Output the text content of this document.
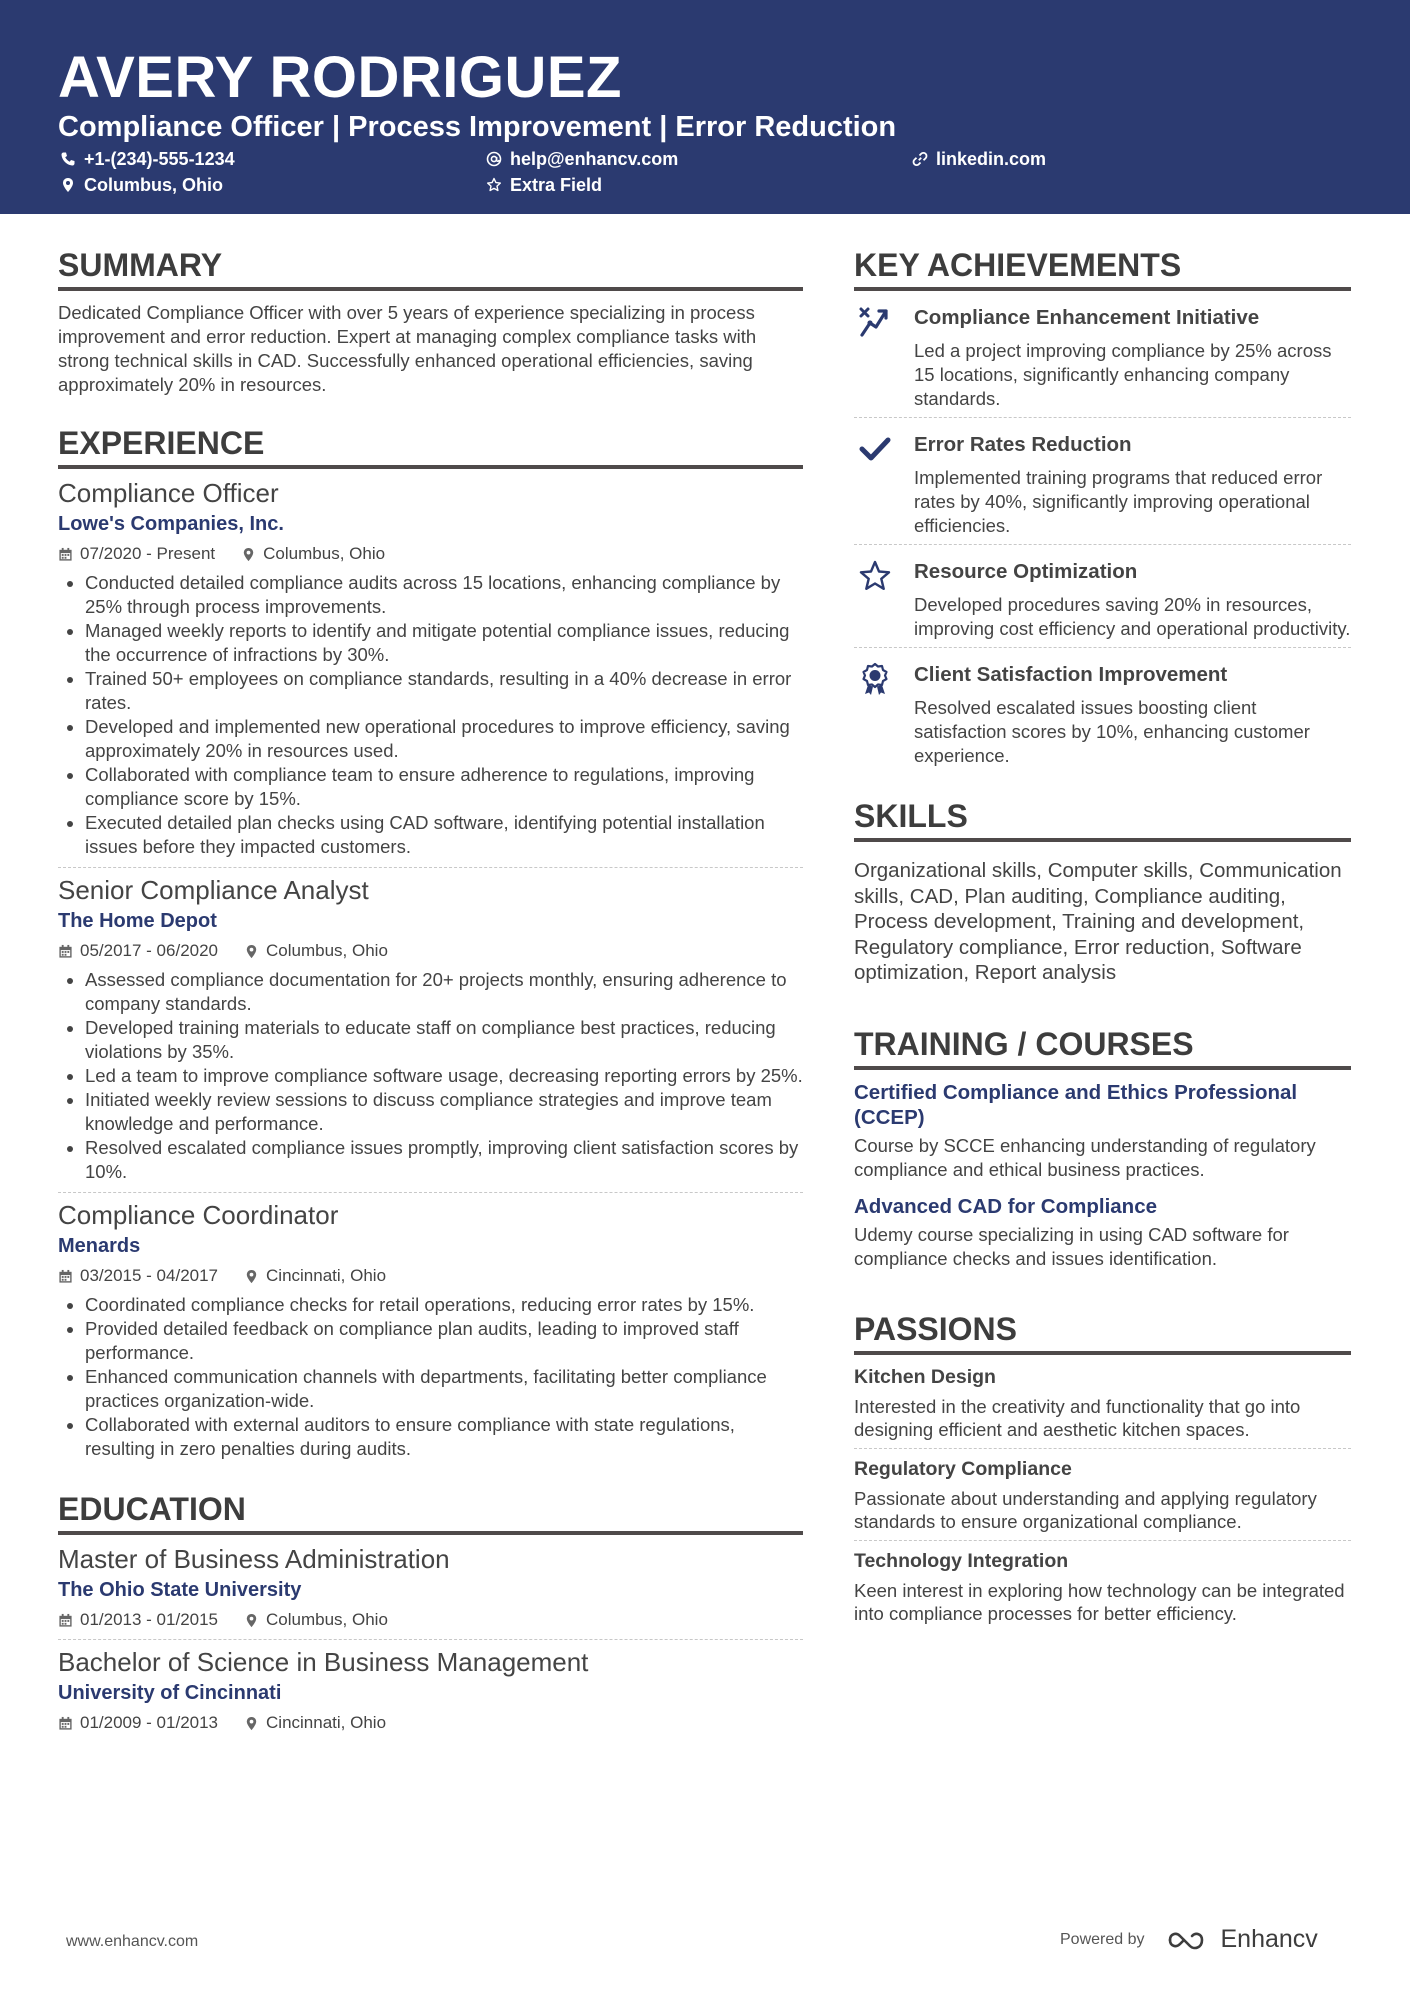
AVERY RODRIGUEZ
Compliance Officer | Process Improvement | Error Reduction
+1-(234)-555-1234	help@enhancv.com	linkedin.com
Columbus, Ohio	Extra Field
SUMMARY

Dedicated Compliance Officer with over 5 years of experience specializing in process improvement and error reduction. Expert at managing complex compliance tasks with strong technical skills in CAD. Successfully enhanced operational efficiencies, saving approximately 20% in resources.

EXPERIENCE
Compliance Officer
Lowe's Companies, Inc.
07/2020 - Present	Columbus, Ohio
• Conducted detailed compliance audits across 15 locations, enhancing compliance by 25% through process improvements.
• Managed weekly reports to identify and mitigate potential compliance issues, reducing the occurrence of infractions by 30%.
• Trained 50+ employees on compliance standards, resulting in a 40% decrease in error rates.
• Developed and implemented new operational procedures to improve efficiency, saving approximately 20% in resources used.
• Collaborated with compliance team to ensure adherence to regulations, improving compliance score by 15%.
• Executed detailed plan checks using CAD software, identifying potential installation issues before they impacted customers.
Senior Compliance Analyst
The Home Depot
05/2017 - 06/2020	Columbus, Ohio
• Assessed compliance documentation for 20+ projects monthly, ensuring adherence to company standards.
• Developed training materials to educate staff on compliance best practices, reducing violations by 35%.
• Led a team to improve compliance software usage, decreasing reporting errors by 25%.
• Initiated weekly review sessions to discuss compliance strategies and improve team knowledge and performance.
• Resolved escalated compliance issues promptly, improving client satisfaction scores by 10%.
Compliance Coordinator
Menards
03/2015 - 04/2017	Cincinnati, Ohio
• Coordinated compliance checks for retail operations, reducing error rates by 15%.
• Provided detailed feedback on compliance plan audits, leading to improved staff performance.
• Enhanced communication channels with departments, facilitating better compliance practices organization-wide.
• Collaborated with external auditors to ensure compliance with state regulations, resulting in zero penalties during audits.
EDUCATION
Master of Business Administration
The Ohio State University
01/2013 - 01/2015	Columbus, Ohio
Bachelor of Science in Business Management
University of Cincinnati
01/2009 - 01/2013	Cincinnati, Ohio
KEY ACHIEVEMENTS
Compliance Enhancement Initiative

Led a project improving compliance by 25% across 15 locations, significantly enhancing company standards.

Error Rates Reduction

Implemented training programs that reduced error rates by 40%, significantly improving operational efficiencies.

Resource Optimization

Developed procedures saving 20% in resources, improving cost efficiency and operational productivity.

Client Satisfaction Improvement

Resolved escalated issues boosting client satisfaction scores by 10%, enhancing customer experience.

SKILLS

Organizational skills, Computer skills, Communication skills, CAD, Plan auditing, Compliance auditing, Process development, Training and development, Regulatory compliance, Error reduction, Software optimization, Report analysis

TRAINING / COURSES
Certified Compliance and Ethics Professional (CCEP)

Course by SCCE enhancing understanding of regulatory compliance and ethical business practices.

Advanced CAD for Compliance

Udemy course specializing in using CAD software for compliance checks and issues identification.

PASSIONS
Kitchen Design

Interested in the creativity and functionality that go into designing efficient and aesthetic kitchen spaces.

Regulatory Compliance

Passionate about understanding and applying regulatory standards to ensure organizational compliance.

Technology Integration

Keen interest in exploring how technology can be integrated into compliance processes for better efficiency.

www.enhancv.com	Powered by	Enhancv
